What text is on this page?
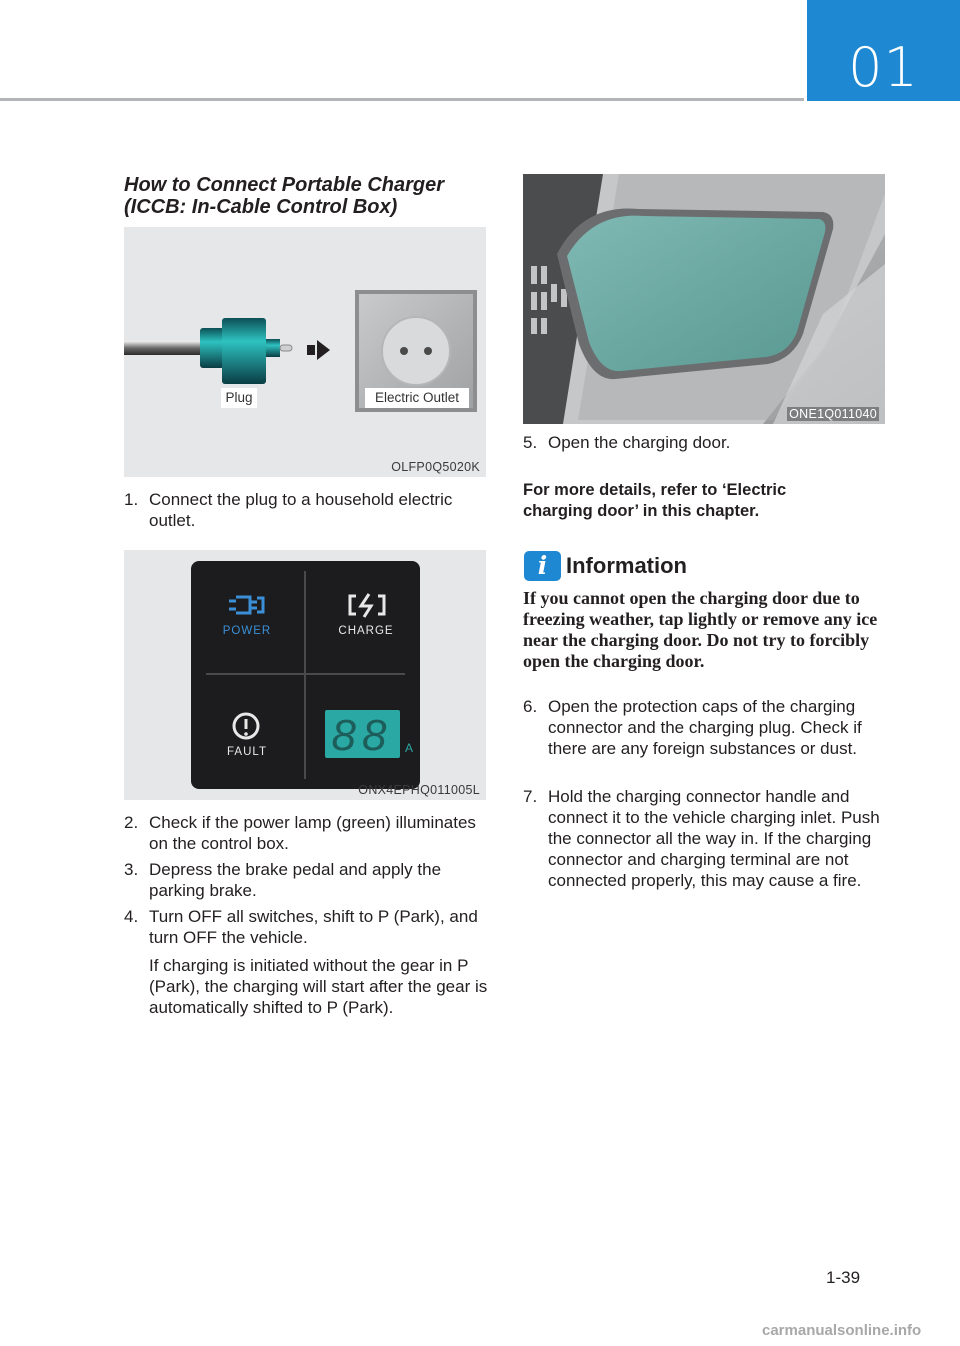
01
How to Connect Portable Charger (ICCB: In-Cable Control Box)
Plug	Electric Outlet
OLFP0Q5020K
1. Connect the plug to a household electric outlet.
POWER	CHARGE
FAULT 88 A
ONX4EPHQ011005L
2. Check if the power lamp (green) illuminates on the control box.
3. Depress the brake pedal and apply the parking brake.
4. Turn OFF all switches, shift to P (Park), and turn OFF the vehicle.
If charging is initiated without the gear in P (Park), the charging will start after the gear is automatically shifted to P (Park).
ONE1Q011040
5. Open the charging door.
For more details, refer to ‘Electric charging door’ in this chapter.
i Information
If you cannot open the charging door due to freezing weather, tap lightly or remove any ice near the charging door. Do not try to forcibly open the charging door.
6. Open the protection caps of the charging connector and the charging plug. Check if there are any foreign substances or dust.
7. Hold the charging connector handle and connect it to the vehicle charging inlet. Push the connector all the way in. If the charging connector and charging terminal are not connected properly, this may cause a fire.
1-39
carmanualsonline.info
